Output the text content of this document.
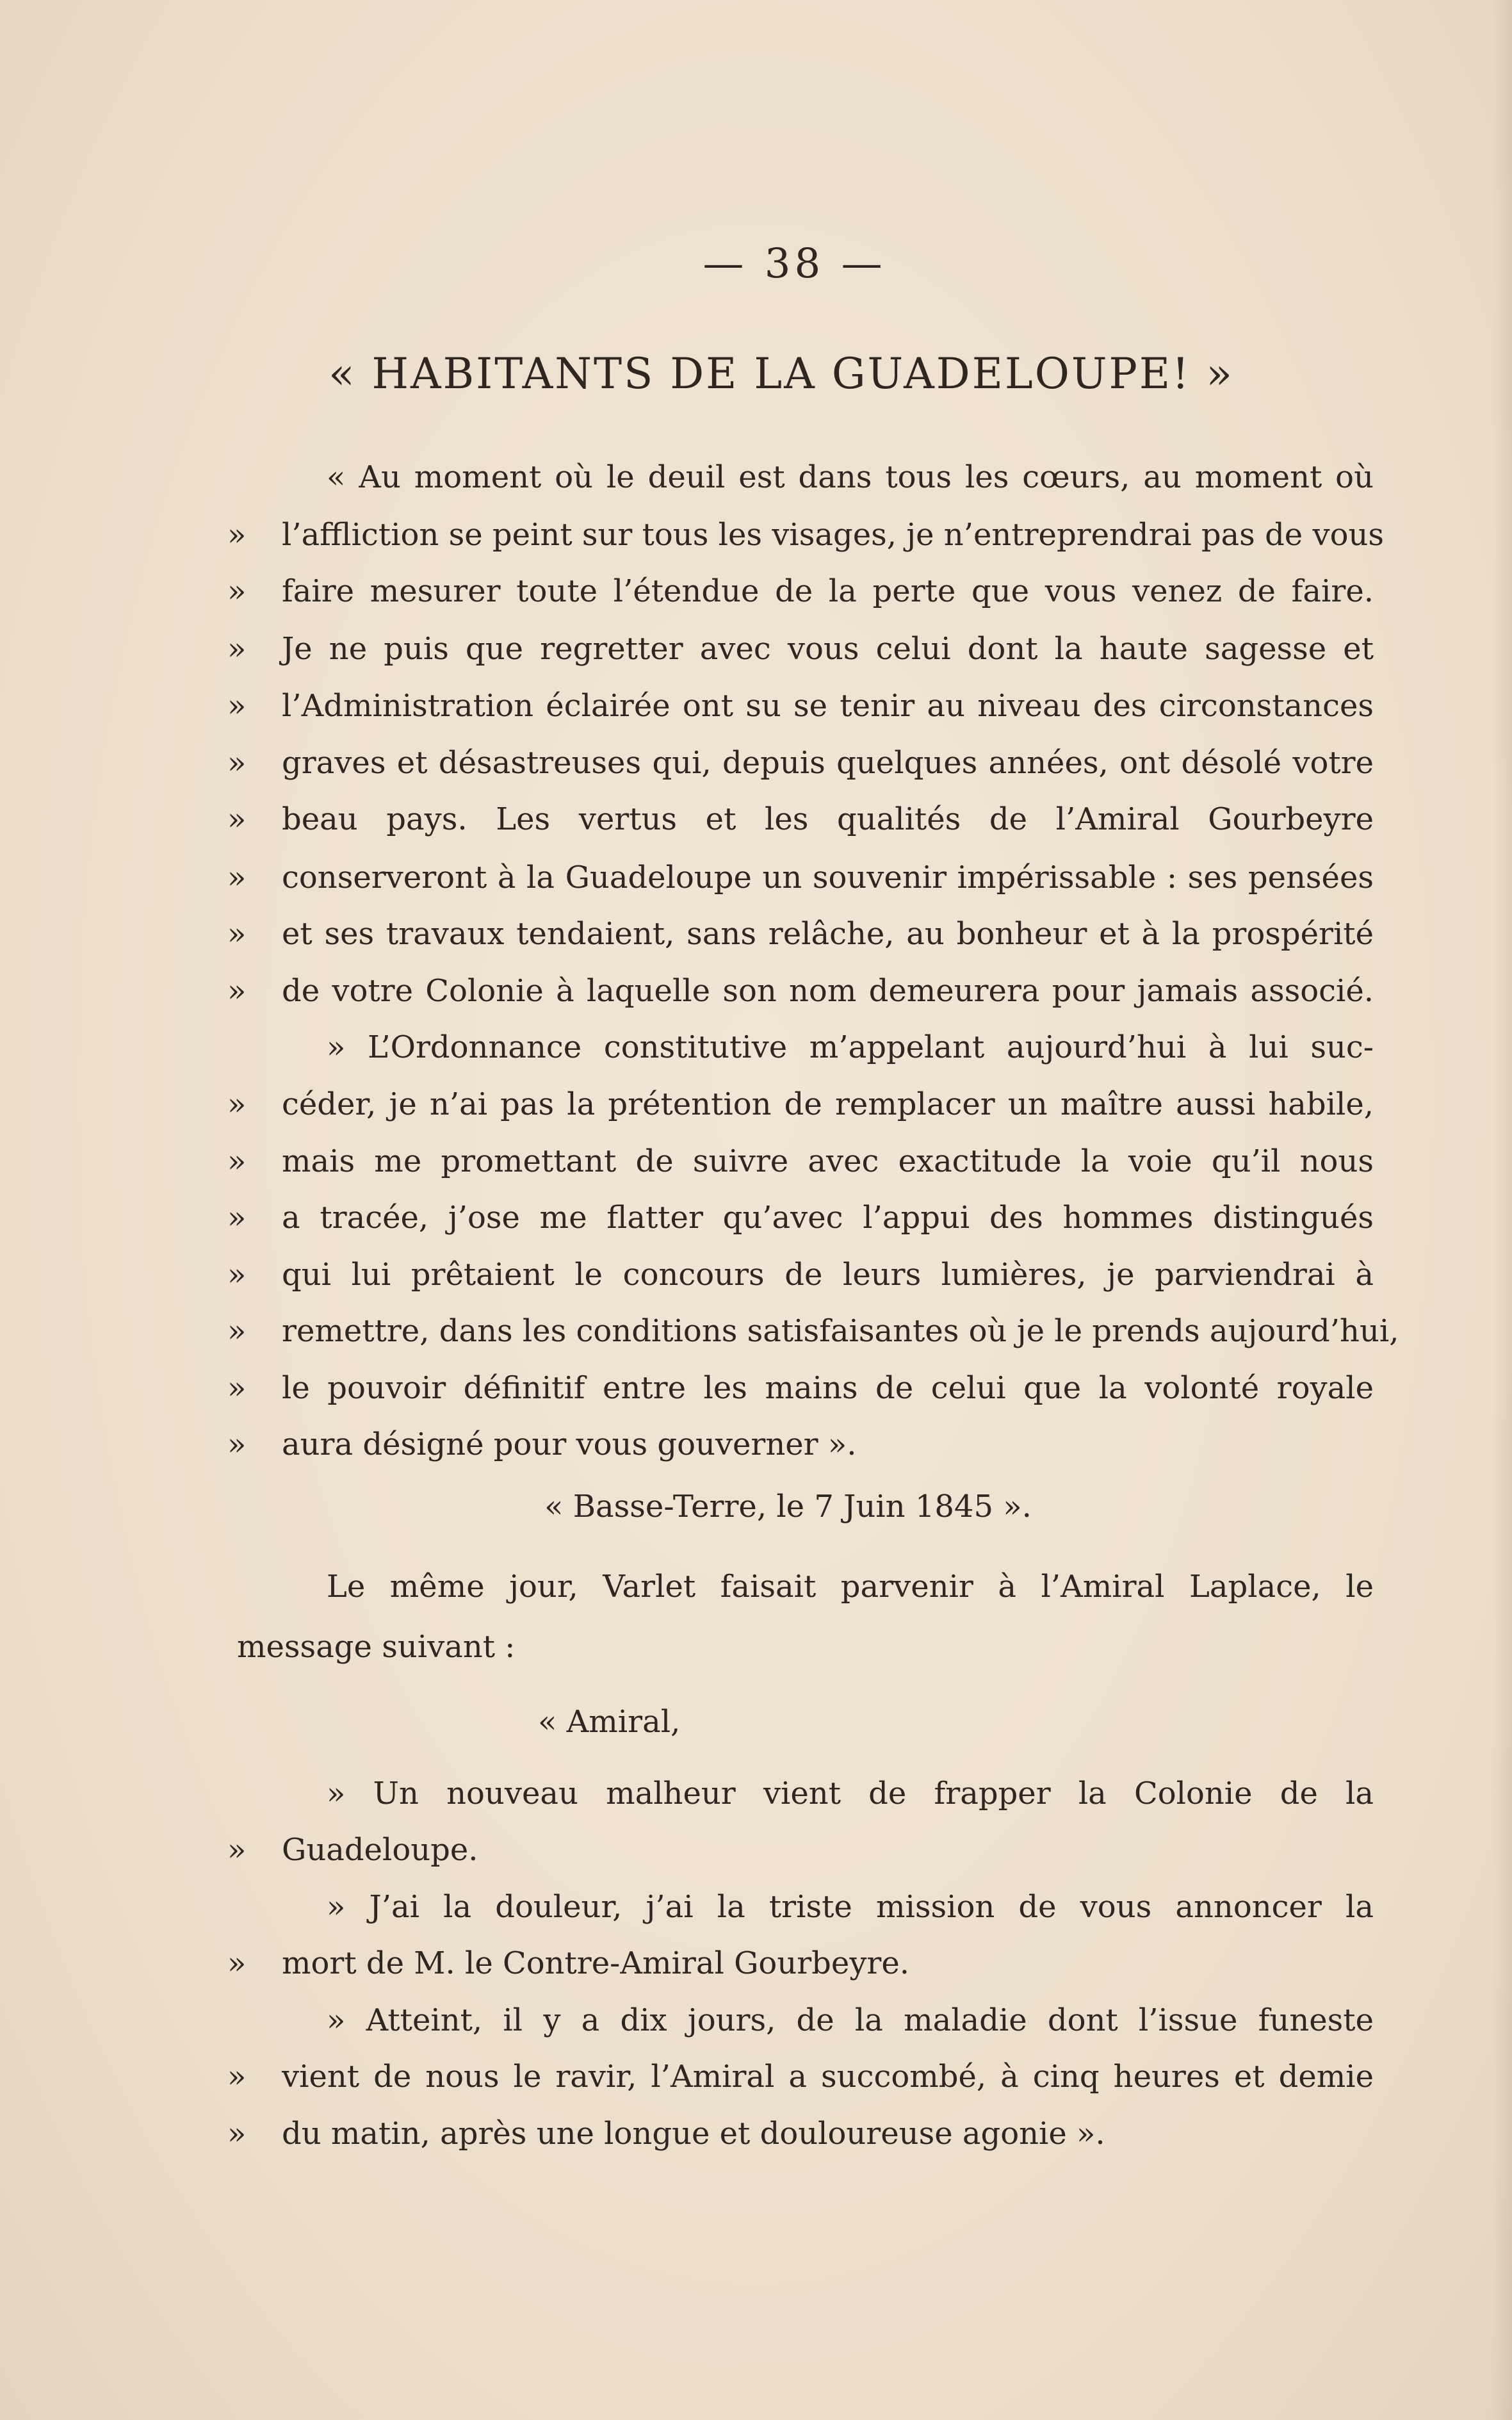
— 38 —
« HABITANTS DE LA GUADELOUPE! »
« Au moment où le deuil est dans tous les cœurs, au moment où
»	l’affliction se peint sur tous les visages, je n’entreprendrai pas de vous
»	faire mesurer toute l’étendue de la perte que vous venez de faire.
»	Je ne puis que regretter avec vous celui dont la haute sagesse et
»	l’Administration éclairée ont su se tenir au niveau des circonstances
»	graves et désastreuses qui, depuis quelques années, ont désolé votre
»	beau pays. Les vertus et les qualités de l’Amiral Gourbeyre
»	conserveront à la Guadeloupe un souvenir impérissable : ses pensées
»	et ses travaux tendaient, sans relâche, au bonheur et à la prospérité
»	de votre Colonie à laquelle son nom demeurera pour jamais associé.
» L’Ordonnance constitutive m’appelant aujourd’hui à lui suc-
»	céder, je n’ai pas la prétention de remplacer un maître aussi habile,
»	mais me promettant de suivre avec exactitude la voie qu’il nous
»	a tracée, j’ose me flatter qu’avec l’appui des hommes distingués
»	qui lui prêtaient le concours de leurs lumières, je parviendrai à
»	remettre, dans les conditions satisfaisantes où je le prends aujourd’hui,
»	le pouvoir définitif entre les mains de celui que la volonté royale
»	aura désigné pour vous gouverner ».
« Basse-Terre, le 7 Juin 1845 ».
Le même jour, Varlet faisait parvenir à l’Amiral Laplace, le
message suivant :
« Amiral,
» Un nouveau malheur vient de frapper la Colonie de la
»	Guadeloupe.
» J’ai la douleur, j’ai la triste mission de vous annoncer la
»	mort de M. le Contre-Amiral Gourbeyre.
» Atteint, il y a dix jours, de la maladie dont l’issue funeste
»	vient de nous le ravir, l’Amiral a succombé, à cinq heures et demie
»	du matin, après une longue et douloureuse agonie ».
